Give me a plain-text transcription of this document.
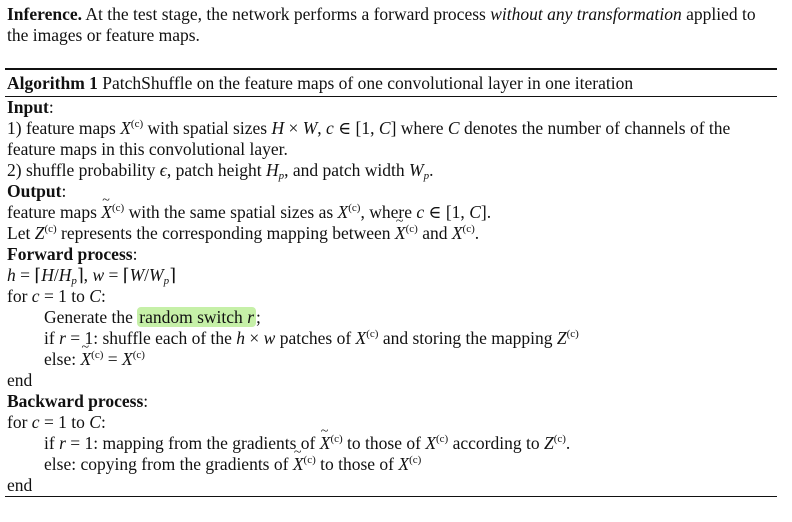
Inference. At the test stage, the network performs a forward process without any transformation applied to the images or feature maps.
Algorithm 1 PatchShuffle on the feature maps of one convolutional layer in one iteration
Input:
1) feature maps $X^{(c)}$ with spatial sizes H × W, c ∈ [1, C] where C denotes the number of channels of the feature maps in this convolutional layer.
2) shuffle probability ϵ, patch height $H_p$, and patch width $W_p$.
Output:
feature maps ~ $X^{(c)}$ with the same spatial sizes as $X^{(c)}$, where c ∈ [1, C].
Let $Z^{(c)}$ represents the corresponding mapping between ~ $X^{(c)}$ and $X^{(c)}$.
Forward process:
$h = ⌈H/H_p⌉$, $w = ⌈W/W_p⌉$
for c = 1 to C:
Generate the random switch r ;
if r = 1: shuffle each of the h × w patches of $X^{(c)}$ and storing the mapping $Z^{(c)}$
else: ~ $X^{(c)} = X^{(c)}$
end
Backward process:
for c = 1 to C:
if r = 1: mapping from the gradients of ~ $X^{(c)}$ to those of $X^{(c)}$ according to $Z^{(c)}$.
else: copying from the gradients of ~ $X^{(c)}$ to those of $X^{(c)}$
end
